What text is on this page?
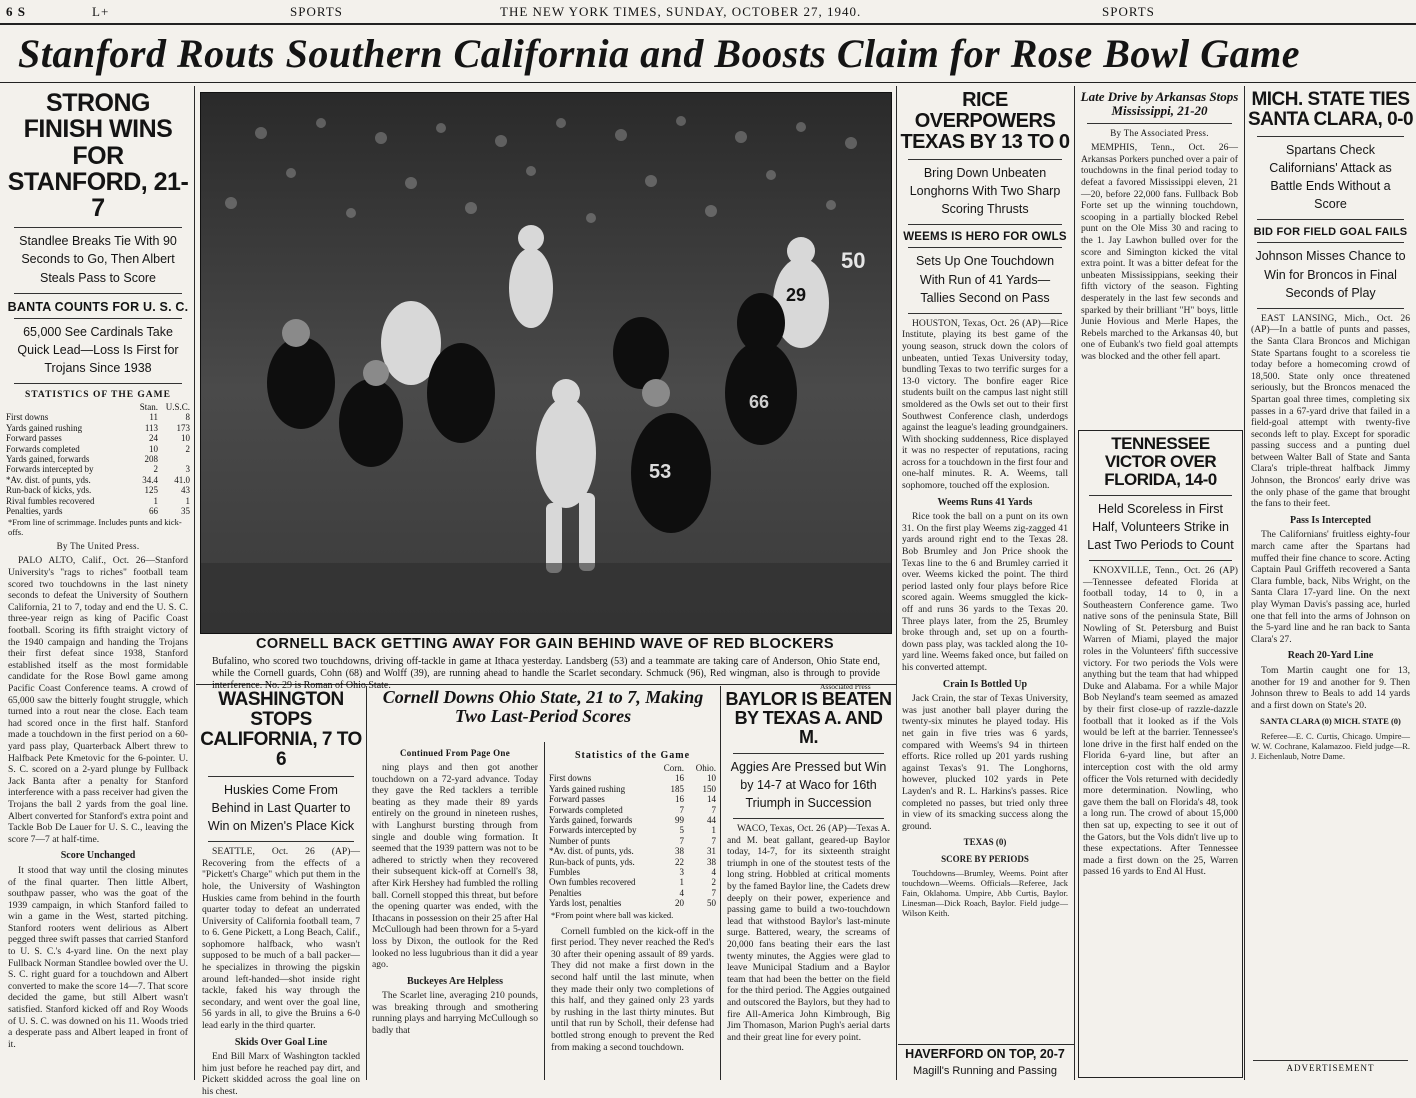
6 S	L+	SPORTS	THE NEW YORK TIMES, SUNDAY, OCTOBER 27, 1940.	SPORTS
Stanford Routs Southern California and Boosts Claim for Rose Bowl Game
STRONG FINISH WINS FOR STANFORD, 21-7
Standlee Breaks Tie With 90 Seconds to Go, Then Albert Steals Pass to Score
BANTA COUNTS FOR U. S. C.
65,000 See Cardinals Take Quick Lead—Loss Is First for Trojans Since 1938
STATISTICS OF THE GAME
	Stan.	U.S.C.
First downs	11	8
Yards gained rushing	113	173
Forward passes	24	10
Forwards completed	10	2
Yards gained, forwards	208	
Forwards intercepted by	2	3
*Av. dist. of punts, yds.	34.4	41.0
Run-back of kicks, yds.	125	43
Rival fumbles recovered	1	1
Penalties, yards	66	35
*From line of scrimmage. Includes punts and kick-offs.
By The United Press.

PALO ALTO, Calif., Oct. 26—Stanford University's "rags to riches" football team scored two touchdowns in the last ninety seconds to defeat the University of Southern California, 21 to 7, today and end the U. S. C. three-year reign as king of Pacific Coast football. Scoring its fifth straight victory of the 1940 campaign and handing the Trojans their first defeat since 1938, Stanford established itself as the most formidable candidate for the Rose Bowl game among Pacific Coast Conference teams. A crowd of 65,000 saw the bitterly fought struggle, which turned into a rout near the close. Each team had scored once in the first half. Stanford made a touchdown in the first period on a 60-yard pass play, Quarterback Albert threw to Halfback Pete Kmetovic for the 6-pointer. U. S. C. scored on a 2-yard plunge by Fullback Jack Banta after a penalty for Stanford interference with a pass receiver had given the Trojans the ball 2 yards from the goal line. Albert converted for Stanford's extra point and Tackle Bob De Lauer for U. S. C., leaving the score 7—7 at half-time.

Score Unchanged

It stood that way until the closing minutes of the final quarter. Then little Albert, southpaw passer, who was the goat of the 1939 campaign, in which Stanford failed to win a game in the West, started pitching. Stanford rooters went delirious as Albert pegged three swift passes that carried Stanford to U. S. C.'s 4-yard line. On the next play Fullback Norman Standlee bowled over the U. S. C. right guard for a touchdown and Albert converted to make the score 14—7. That score decided the game, but still Albert wasn't satisfied. Stanford kicked off and Roy Woods of U. S. C. was downed on his 11. Woods tried a desperate pass and Albert leaped in front of it.

50
29
53
66
CORNELL BACK GETTING AWAY FOR GAIN BEHIND WAVE OF RED BLOCKERS
Bufalino, who scored two touchdowns, driving off-tackle in game at Ithaca yesterday. Landsberg (53) and a teammate are taking care of Anderson, Ohio State end, while the Cornell guards, Cohn (68) and Wolff (39), are running ahead to handle the Scarlet secondary. Schmuck (96), Red wingman, also is through to provide interference. No. 29 is Roman of Ohio State.	Associated Press
WASHINGTON STOPS CALIFORNIA, 7 TO 6
Huskies Come From Behind in Last Quarter to Win on Mizen's Place Kick

SEATTLE, Oct. 26 (AP)—Recovering from the effects of a "Pickett's Charge" which put them in the hole, the University of Washington Huskies came from behind in the fourth quarter today to defeat an underrated University of California football team, 7 to 6. Gene Pickett, a Long Beach, Calif., sophomore halfback, who wasn't supposed to be much of a ball packer—he specializes in throwing the pigskin around left-handed—shot inside right tackle, faked his way through the secondary, and went over the goal line, 56 yards in all, to give the Bruins a 6-0 lead early in the third quarter.

Skids Over Goal Line

End Bill Marx of Washington tackled him just before he reached pay dirt, and Pickett skidded across the goal line on his chest.

Cornell Downs Ohio State, 21 to 7, Making Two Last-Period Scores
Continued From Page One

ning plays and then got another touchdown on a 72-yard advance. Today they gave the Red tacklers a terrible beating as they made their 89 yards entirely on the ground in nineteen rushes, with Langhurst bursting through from single and double wing formation. It seemed that the 1939 pattern was not to be adhered to strictly when they recovered their subsequent kick-off at Cornell's 38, after Kirk Hershey had fumbled the rolling ball. Cornell stopped this threat, but before the opening quarter was ended, with the Ithacans in possession on their 25 after Hal McCullough had been thrown for a 5-yard loss by Dixon, the outlook for the Red looked no less lugubrious than it did a year ago.

Buckeyes Are Helpless

The Scarlet line, averaging 210 pounds, was breaking through and smothering running plays and harrying McCullough so badly that

Statistics of the Game
	Corn.	Ohio.
First downs	16	10
Yards gained rushing	185	150
Forward passes	16	14
Forwards completed	7	7
Yards gained, forwards	99	44
Forwards intercepted by	5	1
Number of punts	7	7
*Av. dist. of punts, yds.	38	31
Run-back of punts, yds.	22	38
Fumbles	3	4
Own fumbles recovered	1	2
Penalties	4	7
Yards lost, penalties	20	50
*From point where ball was kicked.

Cornell fumbled on the kick-off in the first period. They never reached the Red's 30 after their opening assault of 89 yards. They did not make a first down in the second half until the last minute, when they made their only two completions of this half, and they gained only 23 yards by rushing in the last thirty minutes. But until that run by Scholl, their defense had bottled strong enough to prevent the Red from making a second touchdown.

BAYLOR IS BEATEN BY TEXAS A. AND M.
Aggies Are Pressed but Win by 14-7 at Waco for 16th Triumph in Succession

WACO, Texas, Oct. 26 (AP)—Texas A. and M. beat gallant, geared-up Baylor today, 14-7, for its sixteenth straight triumph in one of the stoutest tests of the long string. Hobbled at critical moments by the famed Baylor line, the Cadets drew deeply on their power, experience and passing game to build a two-touchdown lead that withstood Baylor's last-minute surge. Battered, weary, the screams of 20,000 fans beating their ears the last twenty minutes, the Aggies were glad to leave Municipal Stadium and a Baylor team that had been the better on the field for the third period. The Aggies outgained and outscored the Baylors, but they had to fire All-America John Kimbrough, Big Jim Thomason, Marion Pugh's aerial darts and their great line for every point.

RICE OVERPOWERS TEXAS BY 13 TO 0
Bring Down Unbeaten Longhorns With Two Sharp Scoring Thrusts
WEEMS IS HERO FOR OWLS
Sets Up One Touchdown With Run of 41 Yards—Tallies Second on Pass

HOUSTON, Texas, Oct. 26 (AP)—Rice Institute, playing its best game of the young season, struck down the colors of unbeaten, untied Texas University today, bundling Texas to two terrific surges for a 13-0 victory. The bonfire eager Rice students built on the campus last night still smoldered as the Owls set out to their first Southwest Conference clash, underdogs against the league's leading groundgainers. With shocking suddenness, Rice displayed it was no respecter of reputations, racing across for a touchdown in the first four and one-half minutes. R. A. Weems, tall sophomore, touched off the explosion.

Weems Runs 41 Yards

Rice took the ball on a punt on its own 31. On the first play Weems zig-zagged 41 yards around right end to the Texas 28. Bob Brumley and Jon Price shook the Texas line to the 6 and Brumley carried it over. Weems kicked the point. The third period lasted only four plays before Rice scored again. Weems smuggled the kick-off and runs 36 yards to the Texas 20. Three plays later, from the 25, Brumley broke through and, set up on a fourth-down pass play, was tackled along the 10-yard line. Weems faked once, but failed on his converted attempt.

Crain Is Bottled Up

Jack Crain, the star of Texas University, was just another ball player during the twenty-six minutes he played today. His net gain in five tries was 6 yards, compared with Weems's 94 in thirteen efforts. Rice rolled up 201 yards rushing against Texas's 91. The Longhorns, however, plucked 102 yards in Pete Layden's and R. L. Harkins's passes. Rice completed no passes, but tried only three in view of its smacking success along the ground.

TEXAS (0)
SCORE BY PERIODS

Touchdowns—Brumley, Weems. Point after touchdown—Weems. Officials—Referee, Jack Fain, Oklahoma. Umpire, Abb Curtis, Baylor. Linesman—Dick Roach, Baylor. Field judge—Wilson Keith.

HAVERFORD ON TOP, 20-7
Magill's Running and Passing
Late Drive by Arkansas Stops Mississippi, 21-20
By The Associated Press.

MEMPHIS, Tenn., Oct. 26—Arkansas Porkers punched over a pair of touchdowns in the final period today to defeat a favored Mississippi eleven, 21—20, before 22,000 fans. Fullback Bob Forte set up the winning touchdown, scooping in a partially blocked Rebel punt on the Ole Miss 30 and racing to the 1. Jay Lawhon bulled over for the score and Simington kicked the vital extra point. It was a bitter defeat for the unbeaten Mississippians, seeking their fifth victory of the season. Fighting desperately in the last few seconds and sparked by their brilliant "H" boys, little Junie Hovious and Merle Hapes, the Rebels marched to the Arkansas 40, but one of Eubank's two field goal attempts was blocked and the other fell apart.

TENNESSEE VICTOR OVER FLORIDA, 14-0
Held Scoreless in First Half, Volunteers Strike in Last Two Periods to Count

KNOXVILLE, Tenn., Oct. 26 (AP)—Tennessee defeated Florida at football today, 14 to 0, in a Southeastern Conference game. Two native sons of the peninsula State, Bill Nowling of St. Petersburg and Buist Warren of Miami, played the major roles in the Volunteers' fifth successive victory. For two periods the Vols were anything but the team that had whipped Duke and Alabama. For a while Major Bob Neyland's team seemed as amazed by their first close-up of razzle-dazzle football that it looked as if the Vols would be left at the barrier. Tennessee's lone drive in the first half ended on the Florida 6-yard line, but after an interception cost with the old army officer the Vols returned with decidedly more determination. Nowling, who gave them the ball on Florida's 48, took a long run. The crowd of about 15,000 then sat up, expecting to see it out of the Gators, but the Vols didn't live up to these expectations. After Tennessee made a first down on the 25, Warren passed 16 yards to End Al Hust.

MICH. STATE TIES SANTA CLARA, 0-0
Spartans Check Californians' Attack as Battle Ends Without a Score
BID FOR FIELD GOAL FAILS
Johnson Misses Chance to Win for Broncos in Final Seconds of Play

EAST LANSING, Mich., Oct. 26 (AP)—In a battle of punts and passes, the Santa Clara Broncos and Michigan State Spartans fought to a scoreless tie today before a homecoming crowd of 18,500. State only once threatened seriously, but the Broncos menaced the Spartan goal three times, completing six passes in a 67-yard drive that failed in a field-goal attempt with twenty-five seconds left to play. Except for sporadic passing success and a punting duel between Walter Ball of State and Santa Clara's triple-threat halfback Jimmy Johnson, the Broncos' early drive was the only phase of the game that brought the fans to their feet.

Pass Is Intercepted

The Californians' fruitless eighty-four march came after the Spartans had muffed their fine chance to score. Acting Captain Paul Griffeth recovered a Santa Clara fumble, back, Nibs Wright, on the Santa Clara 17-yard line. On the next play Wyman Davis's passing ace, hurled one that fell into the arms of Johnson on the 5-yard line and he ran back to Santa Clara's 27.

Reach 20-Yard Line

Tom Martin caught one for 13, another for 19 and another for 9. Then Johnson threw to Beals to add 14 yards and a first down on State's 20.

SANTA CLARA (0) MICH. STATE (0)

Referee—E. C. Curtis, Chicago. Umpire—W. W. Cochrane, Kalamazoo. Field judge—R. J. Eichenlaub, Notre Dame.

ADVERTISEMENT
